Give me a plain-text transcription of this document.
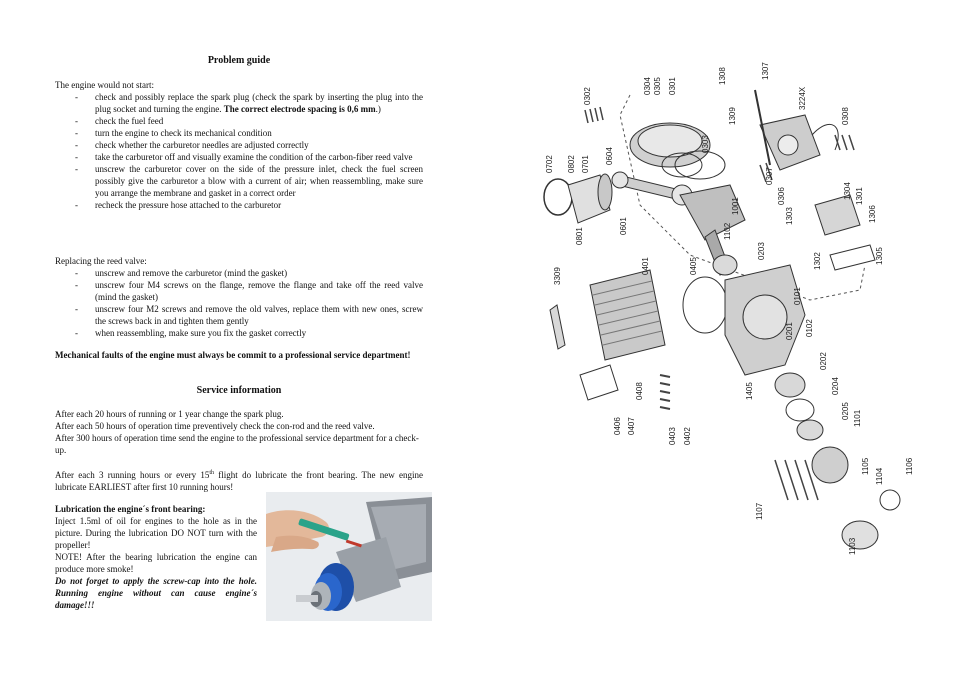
Problem guide
The engine would not start:
- check and possibly replace the spark plug (check the spark by inserting the plug into the plug socket and turning the engine. The correct electrode spacing is 0,6 mm.)
- check the fuel feed
- turn the engine to check its mechanical condition
- check whether the carburetor needles are adjusted correctly
- take the carburetor off and visually examine the condition of the carbon-fiber reed valve
- unscrew the carburetor cover on the side of the pressure inlet, check the fuel screen possibly give the carburetor a blow with a current of air; when reassembling, make sure you arrange the membrane and gasket in a correct order
- recheck the pressure hose attached to the carburetor
Replacing the reed valve:
- unscrew and remove the carburetor (mind the gasket)
- unscrew four M4 screws on the flange, remove the flange and take off the reed valve (mind the gasket)
- unscrew four M2 screws and remove the old valves, replace them with new ones, screw the screws back in and tighten them gently
- when reassembling, make sure you fix the gasket correctly
Mechanical faults of the engine must always be commit to a professional service department!
Service information
After each 20 hours of running or 1 year change the spark plug.
After each 50 hours of operation time preventively check the con-rod and the reed valve.
After 300 hours of operation time send the engine to the professional service department for a check-up.
After each 3 running hours or every 15th flight do lubricate the front bearing. The new engine lubricate EARLIEST after first 10 running hours!
Lubrication the engine´s front bearing:
Inject 1.5ml of oil for engines to the hole as in the picture. During the lubrication DO NOT turn with the propeller!
NOTE! After the bearing lubrication the engine can produce more smoke!
Do not forget to apply the screw-cap into the hole. Running engine without can cause engine´s damage!!!
0302
0304 0305 0301
1308	1307
1309
3224X
0308
0303
0702 0802 0701 0604
0307
0306	1304
1303
1301
1306
1001
0801
0601	1102
0203
1302	1305
3309
0401	0405
0101
0102
0201
0202
0204
0205
1405
0406 0407
0408
0403 0402
1101
1105
1104
1106
1107
1103
